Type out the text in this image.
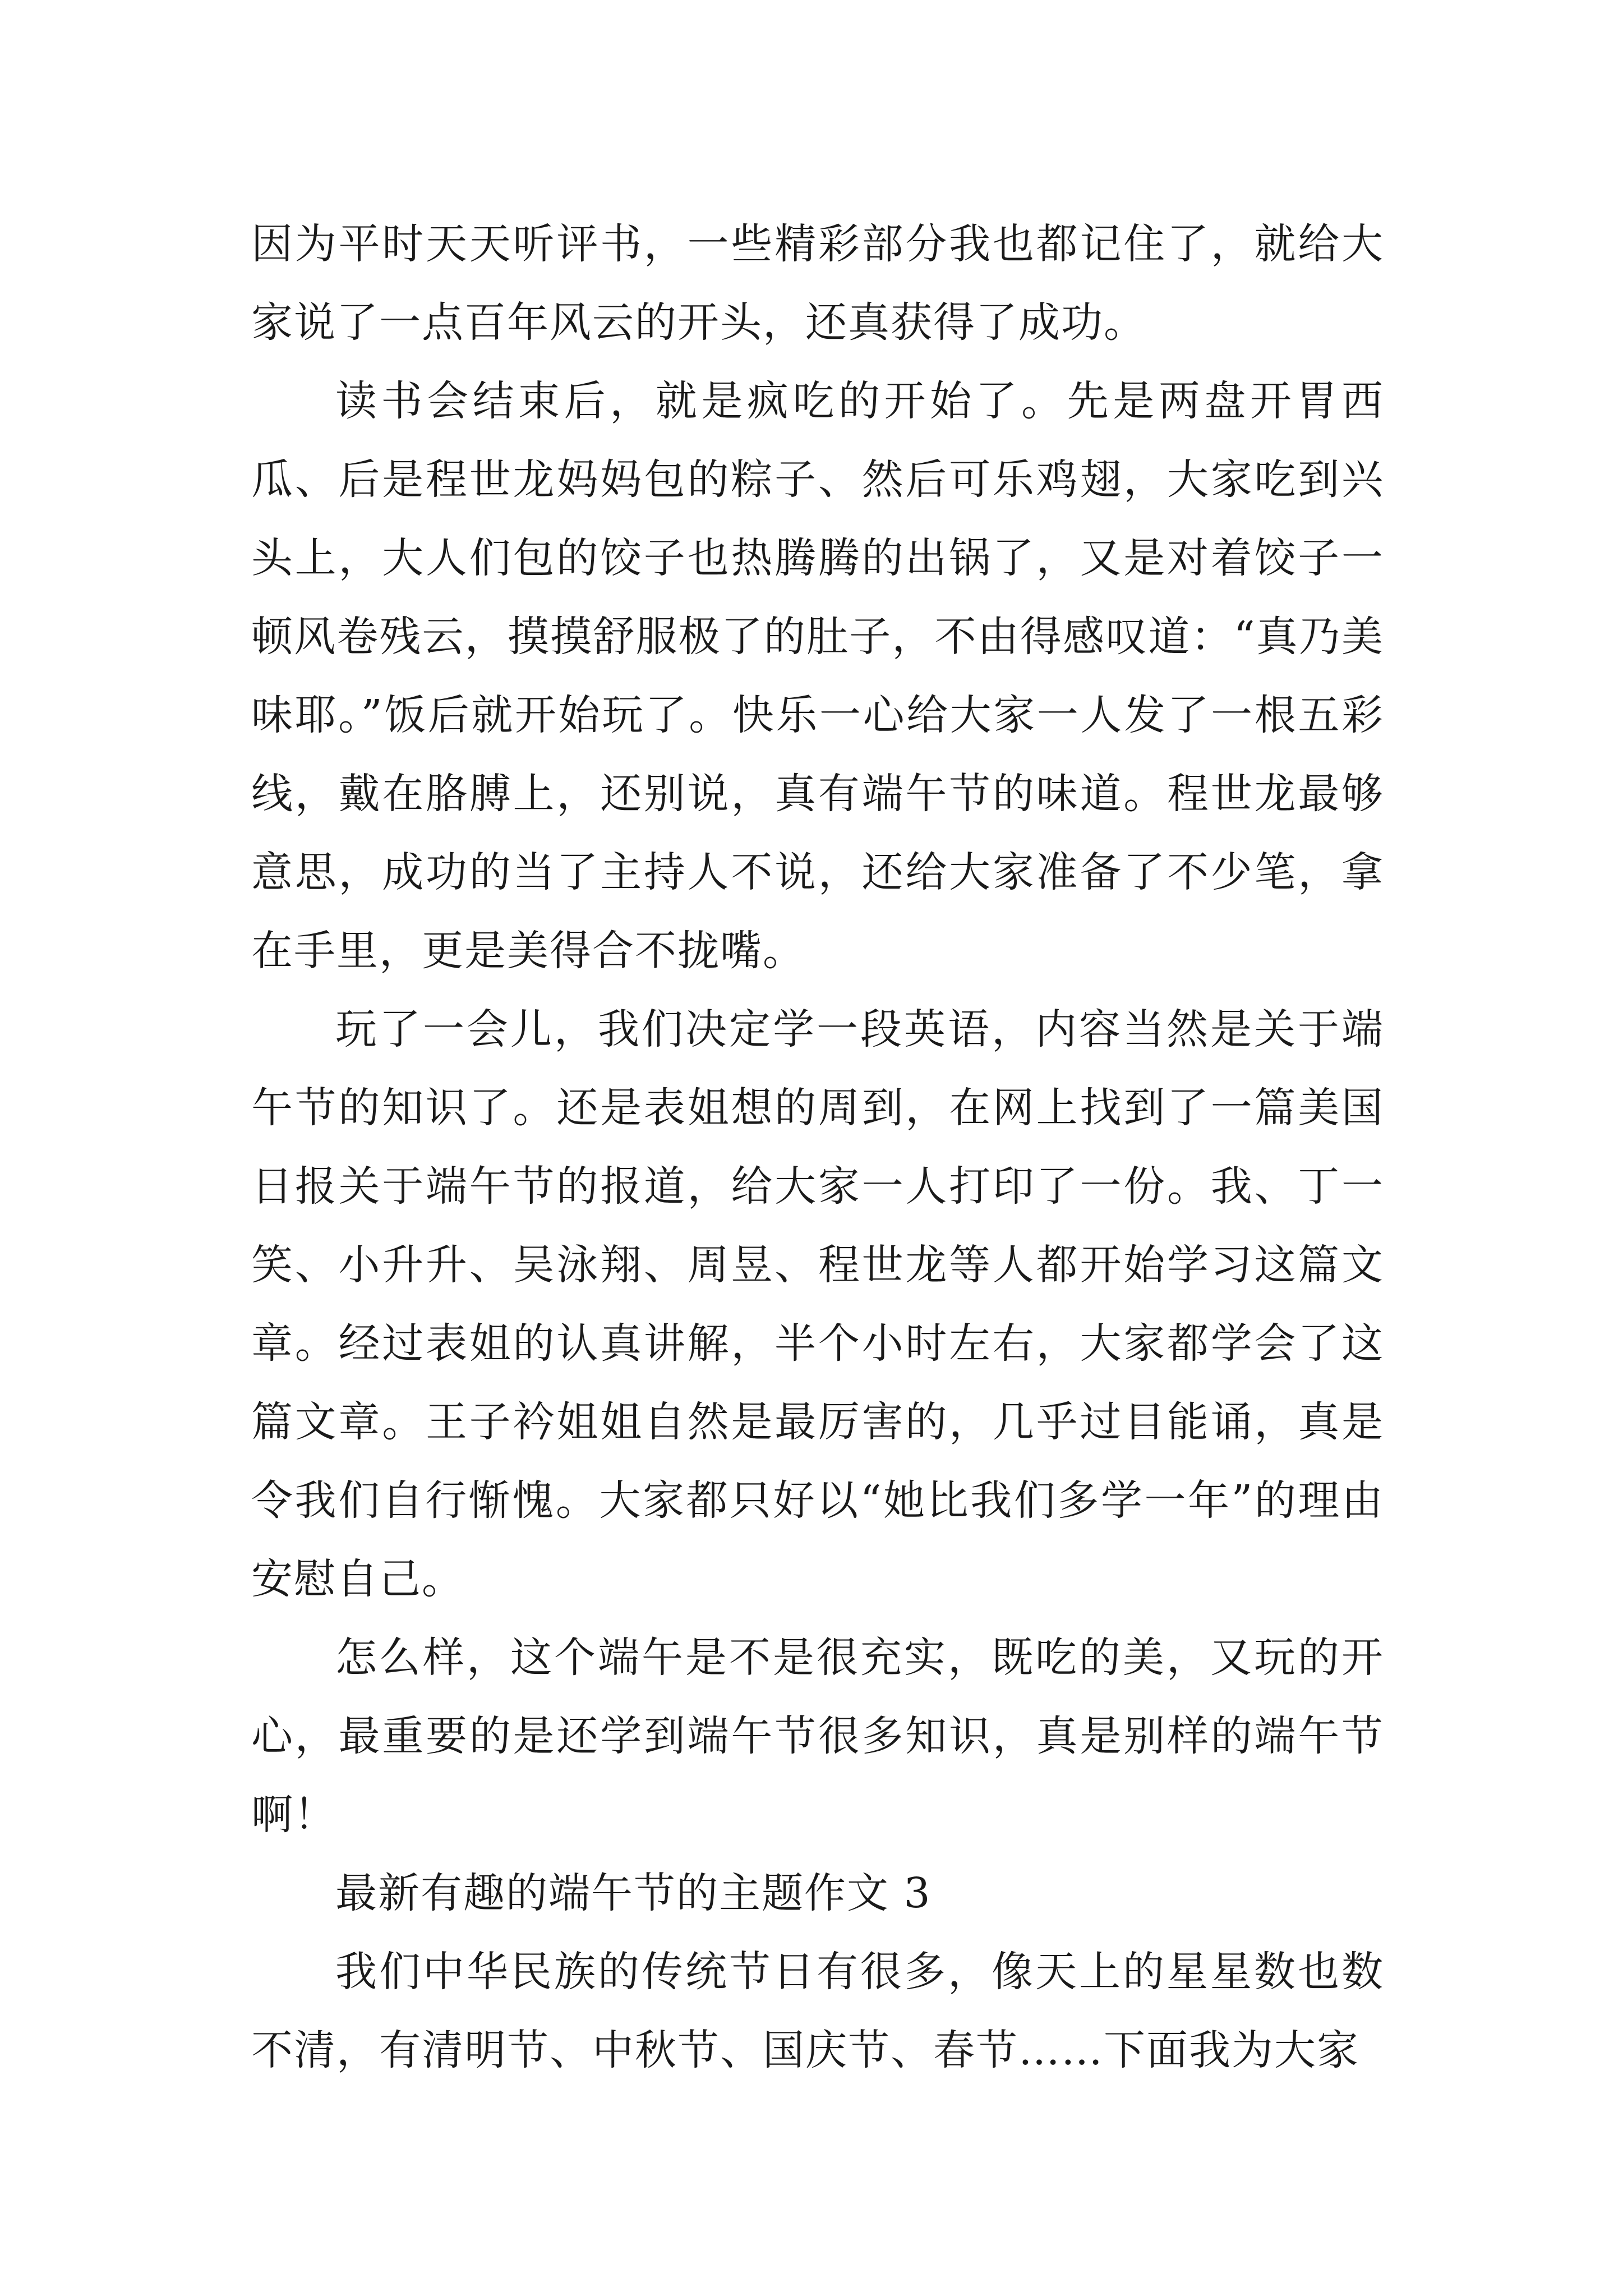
因为平时天天听评书，一些精彩部分我也都记住了，就给大家说了一点百年风云的开头，还真获得了成功。

读书会结束后，就是疯吃的开始了。先是两盘开胃西瓜、后是程世龙妈妈包的粽子、然后可乐鸡翅，大家吃到兴头上，大人们包的饺子也热腾腾的出锅了，又是对着饺子一顿风卷残云，摸摸舒服极了的肚子，不由得感叹道：“真乃美味耶。”饭后就开始玩了。快乐一心给大家一人发了一根五彩线，戴在胳膊上，还别说，真有端午节的味道。程世龙最够意思，成功的当了主持人不说，还给大家准备了不少笔，拿在手里，更是美得合不拢嘴。

玩了一会儿，我们决定学一段英语，内容当然是关于端午节的知识了。还是表姐想的周到，在网上找到了一篇美国日报关于端午节的报道，给大家一人打印了一份。我、丁一笑、小升升、吴泳翔、周昱、程世龙等人都开始学习这篇文章。经过表姐的认真讲解，半个小时左右，大家都学会了这篇文章。王子衿姐姐自然是最厉害的，几乎过目能诵，真是令我们自行惭愧。大家都只好以“她比我们多学一年”的理由安慰自己。

怎么样，这个端午是不是很充实，既吃的美，又玩的开心，最重要的是还学到端午节很多知识，真是别样的端午节啊！

最新有趣的端午节的主题作文 3

我们中华民族的传统节日有很多，像天上的星星数也数不清，有清明节、中秋节、国庆节、春节……下面我为大家
